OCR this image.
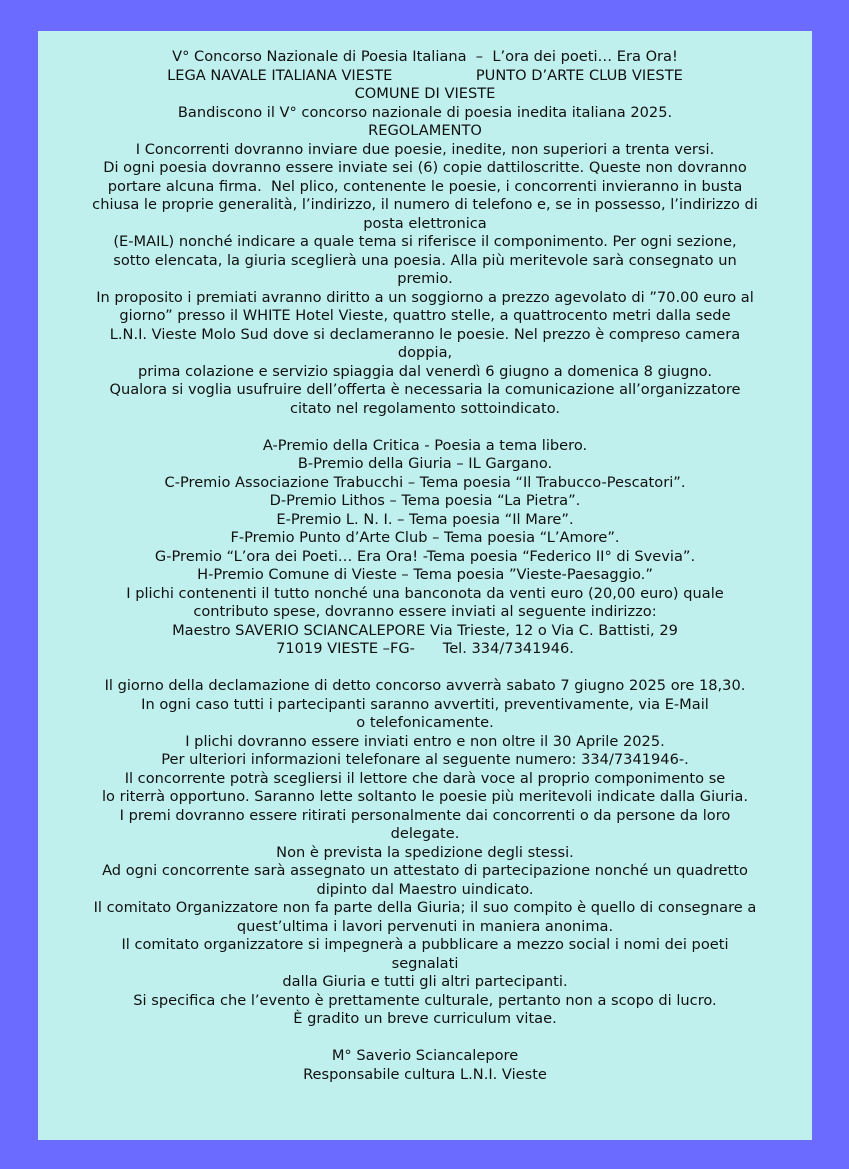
V° Concorso Nazionale di Poesia Italiana  –  L’ora dei poeti… Era Ora!

LEGA NAVALE ITALIANA VIESTE                  PUNTO D’ARTE CLUB VIESTE

COMUNE DI VIESTE

Bandiscono il V° concorso nazionale di poesia inedita italiana 2025.

REGOLAMENTO

I Concorrenti dovranno inviare due poesie, inedite, non superiori a trenta versi.

Di ogni poesia dovranno essere inviate sei (6) copie dattiloscritte. Queste non dovranno

portare alcuna firma.  Nel plico, contenente le poesie, i concorrenti invieranno in busta

chiusa le proprie generalità, l’indirizzo, il numero di telefono e, se in possesso, l’indirizzo di

posta elettronica

(E-MAIL) nonché indicare a quale tema si riferisce il componimento. Per ogni sezione,

sotto elencata, la giuria sceglierà una poesia. Alla più meritevole sarà consegnato un

premio.

In proposito i premiati avranno diritto a un soggiorno a prezzo agevolato di ”70.00 euro al

giorno” presso il WHITE Hotel Vieste, quattro stelle, a quattrocento metri dalla sede

L.N.I. Vieste Molo Sud dove si declameranno le poesie. Nel prezzo è compreso camera

doppia,

prima colazione e servizio spiaggia dal venerdì 6 giugno a domenica 8 giugno.

Qualora si voglia usufruire dell’offerta è necessaria la comunicazione all’organizzatore

citato nel regolamento sottoindicato.

A-Premio della Critica - Poesia a tema libero.

B-Premio della Giuria – IL Gargano.

C-Premio Associazione Trabucchi – Tema poesia “Il Trabucco-Pescatori”.

D-Premio Lithos – Tema poesia “La Pietra”.

E-Premio L. N. I. – Tema poesia “Il Mare”.

F-Premio Punto d’Arte Club – Tema poesia “L’Amore”.

G-Premio “L’ora dei Poeti… Era Ora! -Tema poesia “Federico II° di Svevia”.

H-Premio Comune di Vieste – Tema poesia ”Vieste-Paesaggio.”

I plichi contenenti il tutto nonché una banconota da venti euro (20,00 euro) quale

contributo spese, dovranno essere inviati al seguente indirizzo:

Maestro SAVERIO SCIANCALEPORE Via Trieste, 12 o Via C. Battisti, 29

71019 VIESTE –FG-      Tel. 334/7341946.

Il giorno della declamazione di detto concorso avverrà sabato 7 giugno 2025 ore 18,30.

In ogni caso tutti i partecipanti saranno avvertiti, preventivamente, via E-Mail

o telefonicamente.

I plichi dovranno essere inviati entro e non oltre il 30 Aprile 2025.

Per ulteriori informazioni telefonare al seguente numero: 334/7341946-.

Il concorrente potrà scegliersi il lettore che darà voce al proprio componimento se

lo riterrà opportuno. Saranno lette soltanto le poesie più meritevoli indicate dalla Giuria.

I premi dovranno essere ritirati personalmente dai concorrenti o da persone da loro

delegate.

Non è prevista la spedizione degli stessi.

Ad ogni concorrente sarà assegnato un attestato di partecipazione nonché un quadretto

dipinto dal Maestro uindicato.

Il comitato Organizzatore non fa parte della Giuria; il suo compito è quello di consegnare a

quest’ultima i lavori pervenuti in maniera anonima.

Il comitato organizzatore si impegnerà a pubblicare a mezzo social i nomi dei poeti

segnalati

dalla Giuria e tutti gli altri partecipanti.

Si specifica che l’evento è prettamente culturale, pertanto non a scopo di lucro.

È gradito un breve curriculum vitae.

M° Saverio Sciancalepore

Responsabile cultura L.N.I. Vieste
